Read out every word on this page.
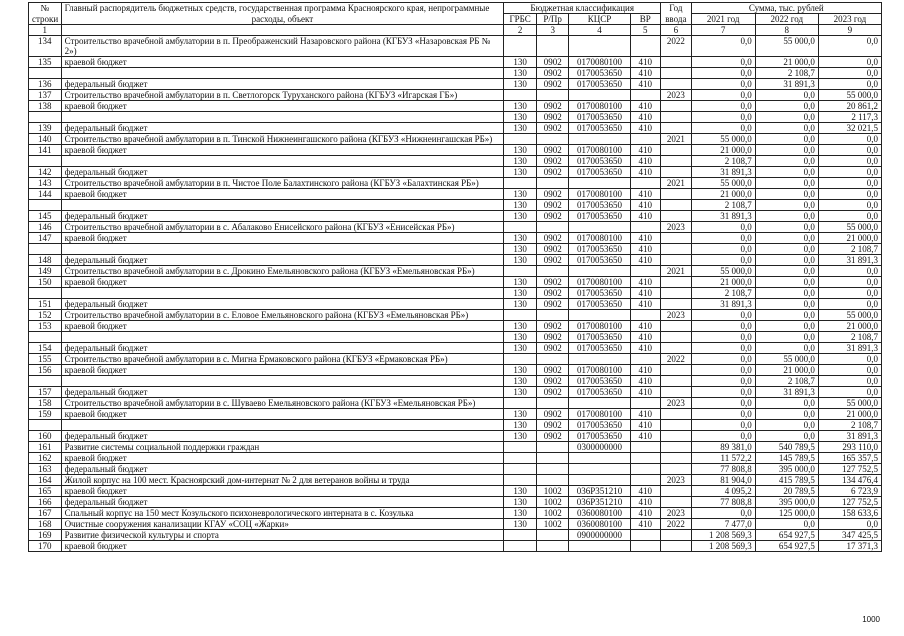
№	Главный распорядитель бюджетных средств, государственная программа Красноярского края, непрограммные	Бюджетная классификация				Год	Сумма, тыс. рублей		
строки	расходы, объект	ГРБС	Р/Пр	КЦСР	ВР	ввода	2021 год	2022 год	2023 год
1		2	3	4	5	6	7	8	9
134	Строительство врачебной амбулатории в п. Преображенский Назаровского района (КГБУЗ «Назаровская РБ № 2»)					2022	0,0	55 000,0	0,0
135	краевой бюджет	130	0902	0170080100	410		0,0	21 000,0	0,0
		130	0902	0170053650	410		0,0	2 108,7	0,0
136	федеральный бюджет	130	0902	0170053650	410		0,0	31 891,3	0,0
137	Строительство врачебной амбулатории в п. Светлогорск Туруханского района (КГБУЗ «Игарская ГБ»)					2023	0,0	0,0	55 000,0
138	краевой бюджет	130	0902	0170080100	410		0,0	0,0	20 861,2
		130	0902	0170053650	410		0,0	0,0	2 117,3
139	федеральный бюджет	130	0902	0170053650	410		0,0	0,0	32 021,5
140	Строительство врачебной амбулатории в п. Тинской Нижнеингашского района (КГБУЗ «Нижнеингашская РБ»)					2021	55 000,0	0,0	0,0
141	краевой бюджет	130	0902	0170080100	410		21 000,0	0,0	0,0
		130	0902	0170053650	410		2 108,7	0,0	0,0
142	федеральный бюджет	130	0902	0170053650	410		31 891,3	0,0	0,0
143	Строительство врачебной амбулатории в п. Чистое Поле Балахтинского района (КГБУЗ «Балахтинская РБ»)					2021	55 000,0	0,0	0,0
144	краевой бюджет	130	0902	0170080100	410		21 000,0	0,0	0,0
		130	0902	0170053650	410		2 108,7	0,0	0,0
145	федеральный бюджет	130	0902	0170053650	410		31 891,3	0,0	0,0
146	Строительство врачебной амбулатории в с. Абалаково Енисейского района (КГБУЗ «Енисейская РБ»)					2023	0,0	0,0	55 000,0
147	краевой бюджет	130	0902	0170080100	410		0,0	0,0	21 000,0
		130	0902	0170053650	410		0,0	0,0	2 108,7
148	федеральный бюджет	130	0902	0170053650	410		0,0	0,0	31 891,3
149	Строительство врачебной амбулатории в с. Дрокино Емельяновского района (КГБУЗ «Емельяновская РБ»)					2021	55 000,0	0,0	0,0
150	краевой бюджет	130	0902	0170080100	410		21 000,0	0,0	0,0
		130	0902	0170053650	410		2 108,7	0,0	0,0
151	федеральный бюджет	130	0902	0170053650	410		31 891,3	0,0	0,0
152	Строительство врачебной амбулатории в с. Еловое Емельяновского района (КГБУЗ «Емельяновская РБ»)					2023	0,0	0,0	55 000,0
153	краевой бюджет	130	0902	0170080100	410		0,0	0,0	21 000,0
		130	0902	0170053650	410		0,0	0,0	2 108,7
154	федеральный бюджет	130	0902	0170053650	410		0,0	0,0	31 891,3
155	Строительство врачебной амбулатории в с. Мигна Ермаковского района (КГБУЗ «Ермаковская РБ»)					2022	0,0	55 000,0	0,0
156	краевой бюджет	130	0902	0170080100	410		0,0	21 000,0	0,0
		130	0902	0170053650	410		0,0	2 108,7	0,0
157	федеральный бюджет	130	0902	0170053650	410		0,0	31 891,3	0,0
158	Строительство врачебной амбулатории в с. Шуваево Емельяновского района (КГБУЗ «Емельяновская РБ»)					2023	0,0	0,0	55 000,0
159	краевой бюджет	130	0902	0170080100	410		0,0	0,0	21 000,0
		130	0902	0170053650	410		0,0	0,0	2 108,7
160	федеральный бюджет	130	0902	0170053650	410		0,0	0,0	31 891,3
161	Развитие системы социальной поддержки граждан			0300000000			89 381,0	540 789,5	293 110,0
162	краевой бюджет						11 572,2	145 789,5	165 357,5
163	федеральный бюджет						77 808,8	395 000,0	127 752,5
164	Жилой корпус на 100 мест. Красноярский дом-интернат № 2 для ветеранов войны и труда					2023	81 904,0	415 789,5	134 476,4
165	краевой бюджет	130	1002	036P351210	410		4 095,2	20 789,5	6 723,9
166	федеральный бюджет	130	1002	036P351210	410		77 808,8	395 000,0	127 752,5
167	Спальный корпус на 150 мест Козульского психоневрологического интерната в с. Козулька	130	1002	0360080100	410	2023	0,0	125 000,0	158 633,6
168	Очистные сооружения канализации КГАУ «СОЦ «Жарки»	130	1002	0360080100	410	2022	7 477,0	0,0	0,0
169	Развитие физической культуры и спорта			0900000000			1 208 569,3	654 927,5	347 425,5
170	краевой бюджет						1 208 569,3	654 927,5	17 371,3
1000
